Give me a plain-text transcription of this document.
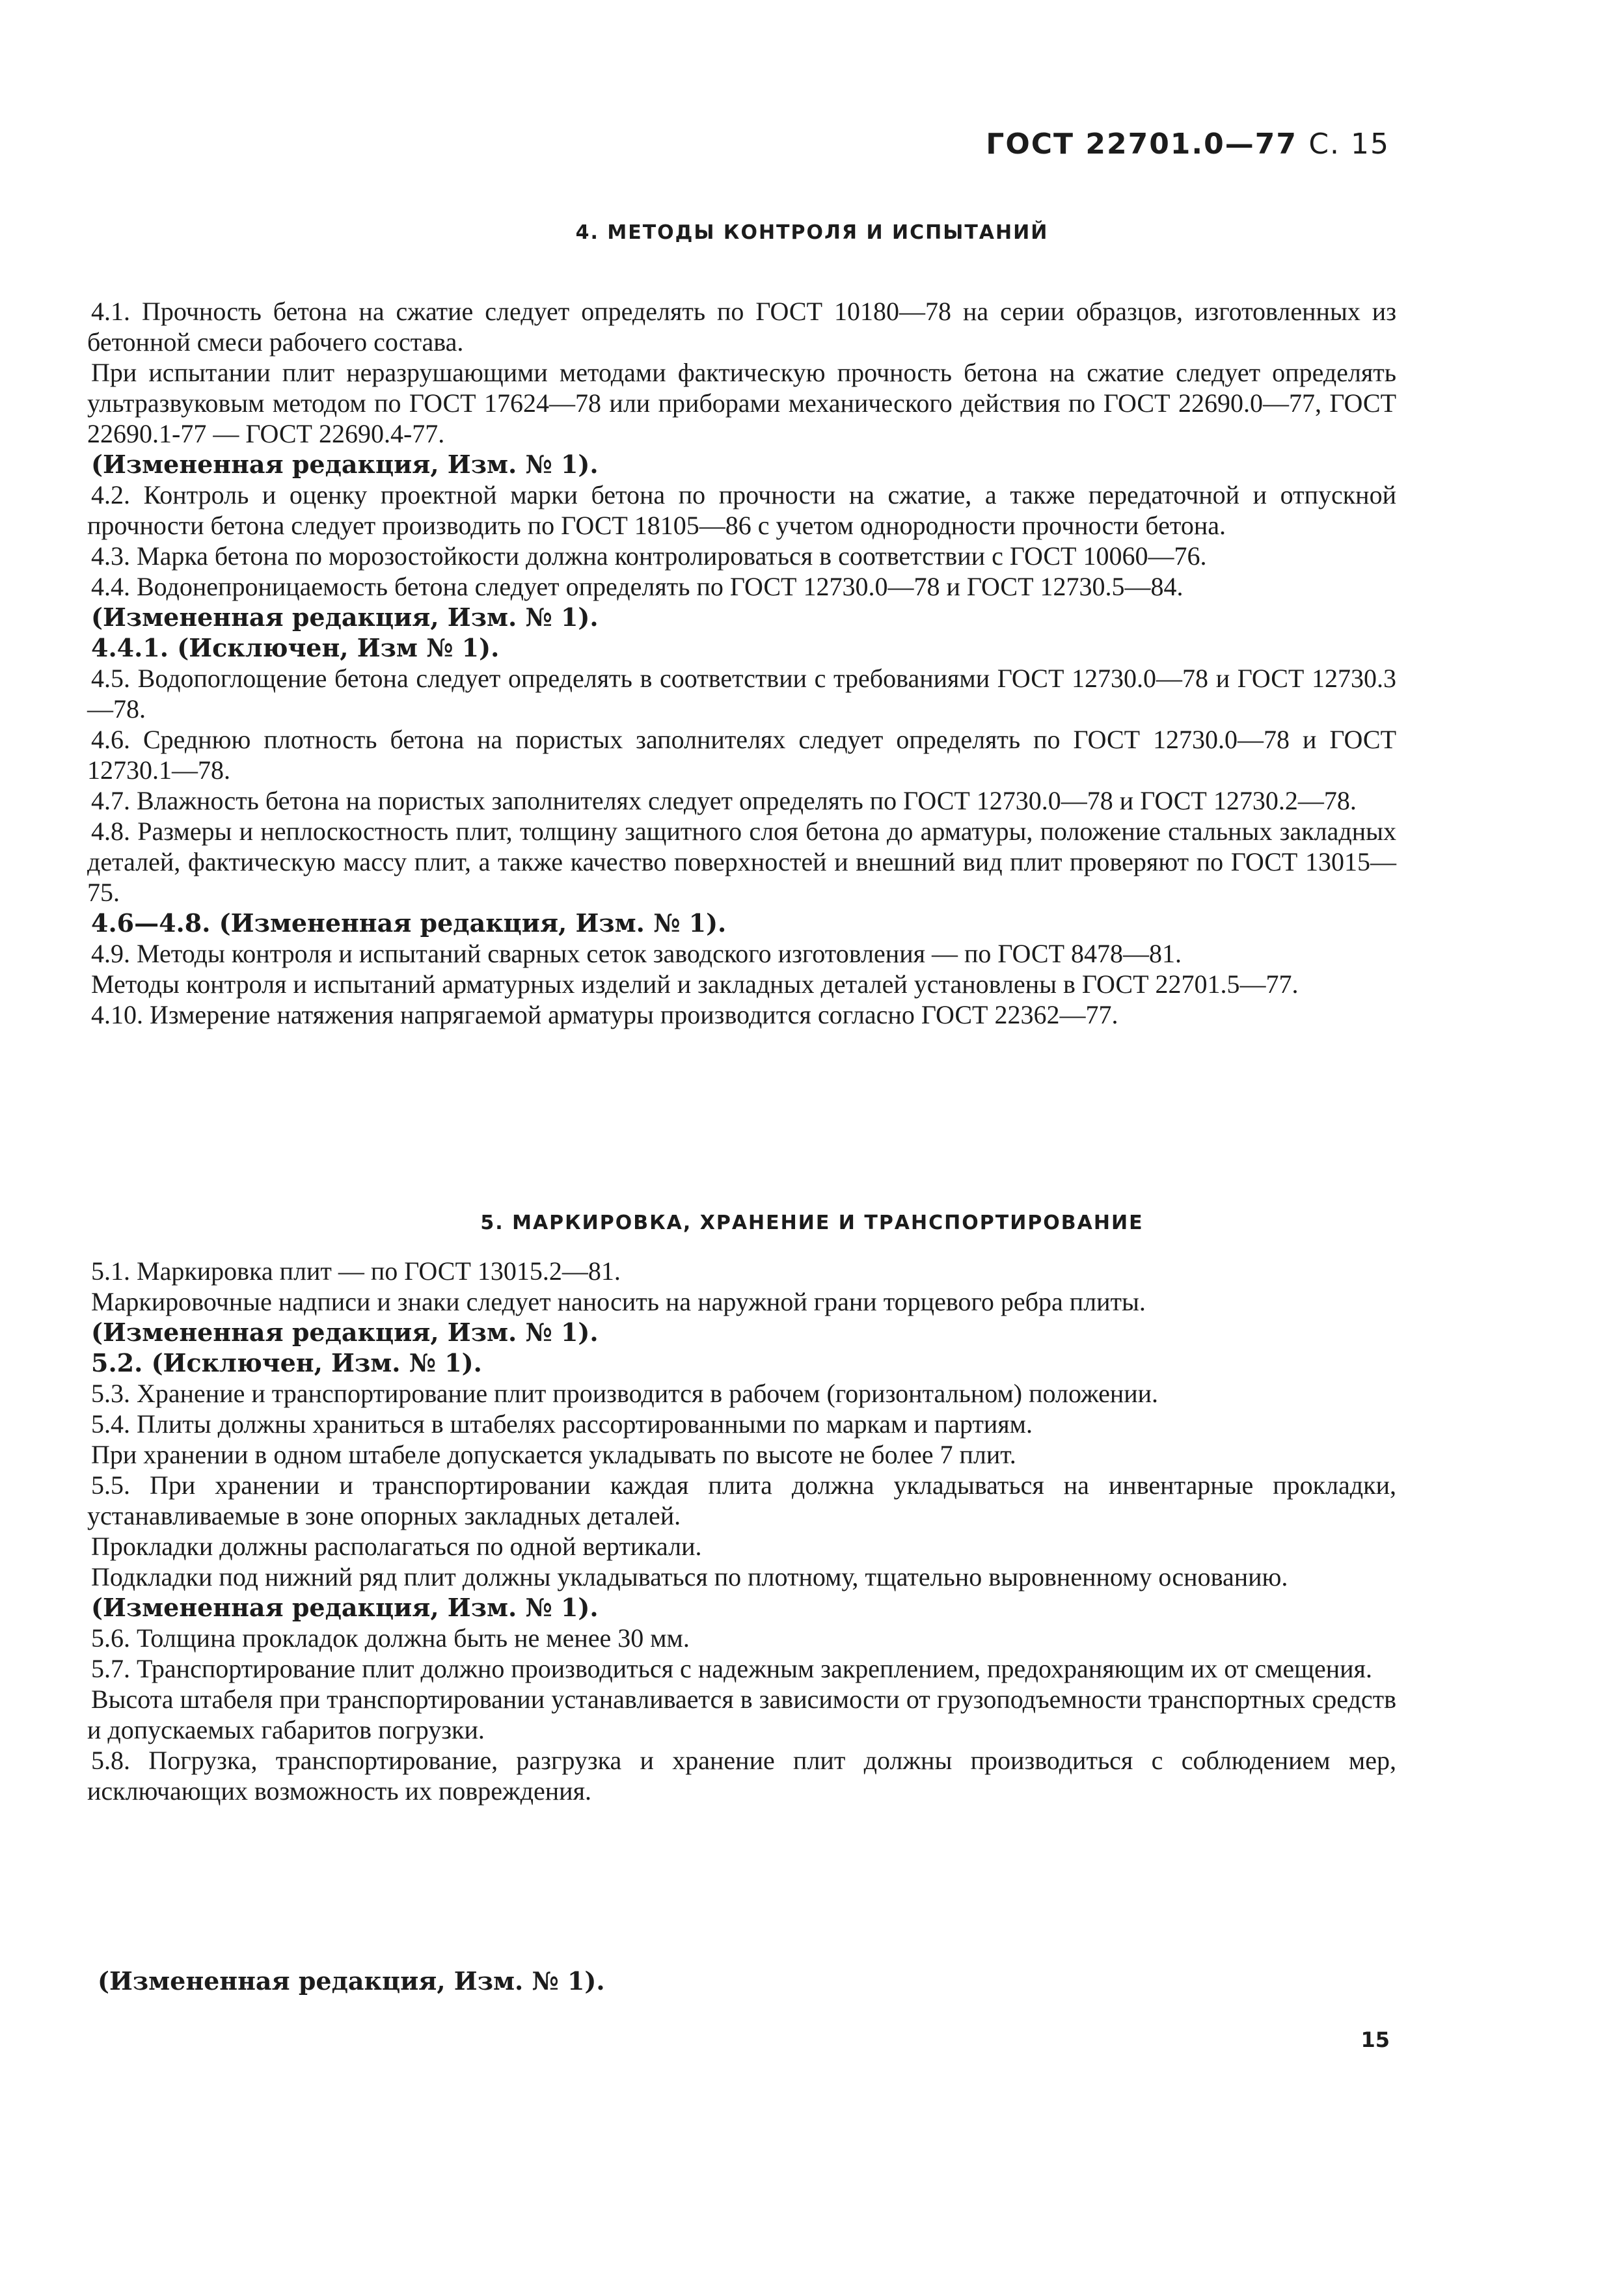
ГОСТ 22701.0—77 С. 15
4. МЕТОДЫ КОНТРОЛЯ И ИСПЫТАНИЙ

4.1. Прочность бетона на сжатие следует определять по ГОСТ 10180—78 на серии образцов, изготовленных из бетонной смеси рабочего состава.

При испытании плит неразрушающими методами фактическую прочность бетона на сжатие следует определять ультразвуковым методом по ГОСТ 17624—78 или приборами механического действия по ГОСТ 22690.0—77, ГОСТ 22690.1-77 — ГОСТ 22690.4-77.

(Измененная редакция, Изм. № 1).

4.2. Контроль и оценку проектной марки бетона по прочности на сжатие, а также передаточной и отпускной прочности бетона следует производить по ГОСТ 18105—86 с учетом однородности прочности бетона.

4.3. Марка бетона по морозостойкости должна контролироваться в соответствии с ГОСТ 10060—76.

4.4. Водонепроницаемость бетона следует определять по ГОСТ 12730.0—78 и ГОСТ 12730.5—84.

(Измененная редакция, Изм. № 1).

4.4.1. (Исключен, Изм № 1).

4.5. Водопоглощение бетона следует определять в соответствии с требованиями ГОСТ 12730.0—78 и ГОСТ 12730.3—78.

4.6. Среднюю плотность бетона на пористых заполнителях следует определять по ГОСТ 12730.0—78 и ГОСТ 12730.1—78.

4.7. Влажность бетона на пористых заполнителях следует определять по ГОСТ 12730.0—78 и ГОСТ 12730.2—78.

4.8. Размеры и неплоскостность плит, толщину защитного слоя бетона до арматуры, положение стальных закладных деталей, фактическую массу плит, а также качество поверхностей и внешний вид плит проверяют по ГОСТ 13015—75.

4.6—4.8. (Измененная редакция, Изм. № 1).

4.9. Методы контроля и испытаний сварных сеток заводского изготовления — по ГОСТ 8478—81.

Методы контроля и испытаний арматурных изделий и закладных деталей установлены в ГОСТ 22701.5—77.

4.10. Измерение натяжения напрягаемой арматуры производится согласно ГОСТ 22362—77.

5. МАРКИРОВКА, ХРАНЕНИЕ И ТРАНСПОРТИРОВАНИЕ

5.1. Маркировка плит — по ГОСТ 13015.2—81.

Маркировочные надписи и знаки следует наносить на наружной грани торцевого ребра плиты.

(Измененная редакция, Изм. № 1).

5.2. (Исключен, Изм. № 1).

5.3. Хранение и транспортирование плит производится в рабочем (горизонтальном) положении.

5.4. Плиты должны храниться в штабелях рассортированными по маркам и партиям.

При хранении в одном штабеле допускается укладывать по высоте не более 7 плит.

5.5. При хранении и транспортировании каждая плита должна укладываться на инвентарные прокладки, устанавливаемые в зоне опорных закладных деталей.

Прокладки должны располагаться по одной вертикали.

Подкладки под нижний ряд плит должны укладываться по плотному, тщательно выровненному основанию.

(Измененная редакция, Изм. № 1).

5.6. Толщина прокладок должна быть не менее 30 мм.

5.7. Транспортирование плит должно производиться с надежным закреплением, предохраняющим их от смещения.

Высота штабеля при транспортировании устанавливается в зависимости от грузоподъемности транспортных средств и допускаемых габаритов погрузки.

5.8. Погрузка, транспортирование, разгрузка и хранение плит должны производиться с соблюдением мер, исключающих возможность их повреждения.

(Измененная редакция, Изм. № 1).
15
